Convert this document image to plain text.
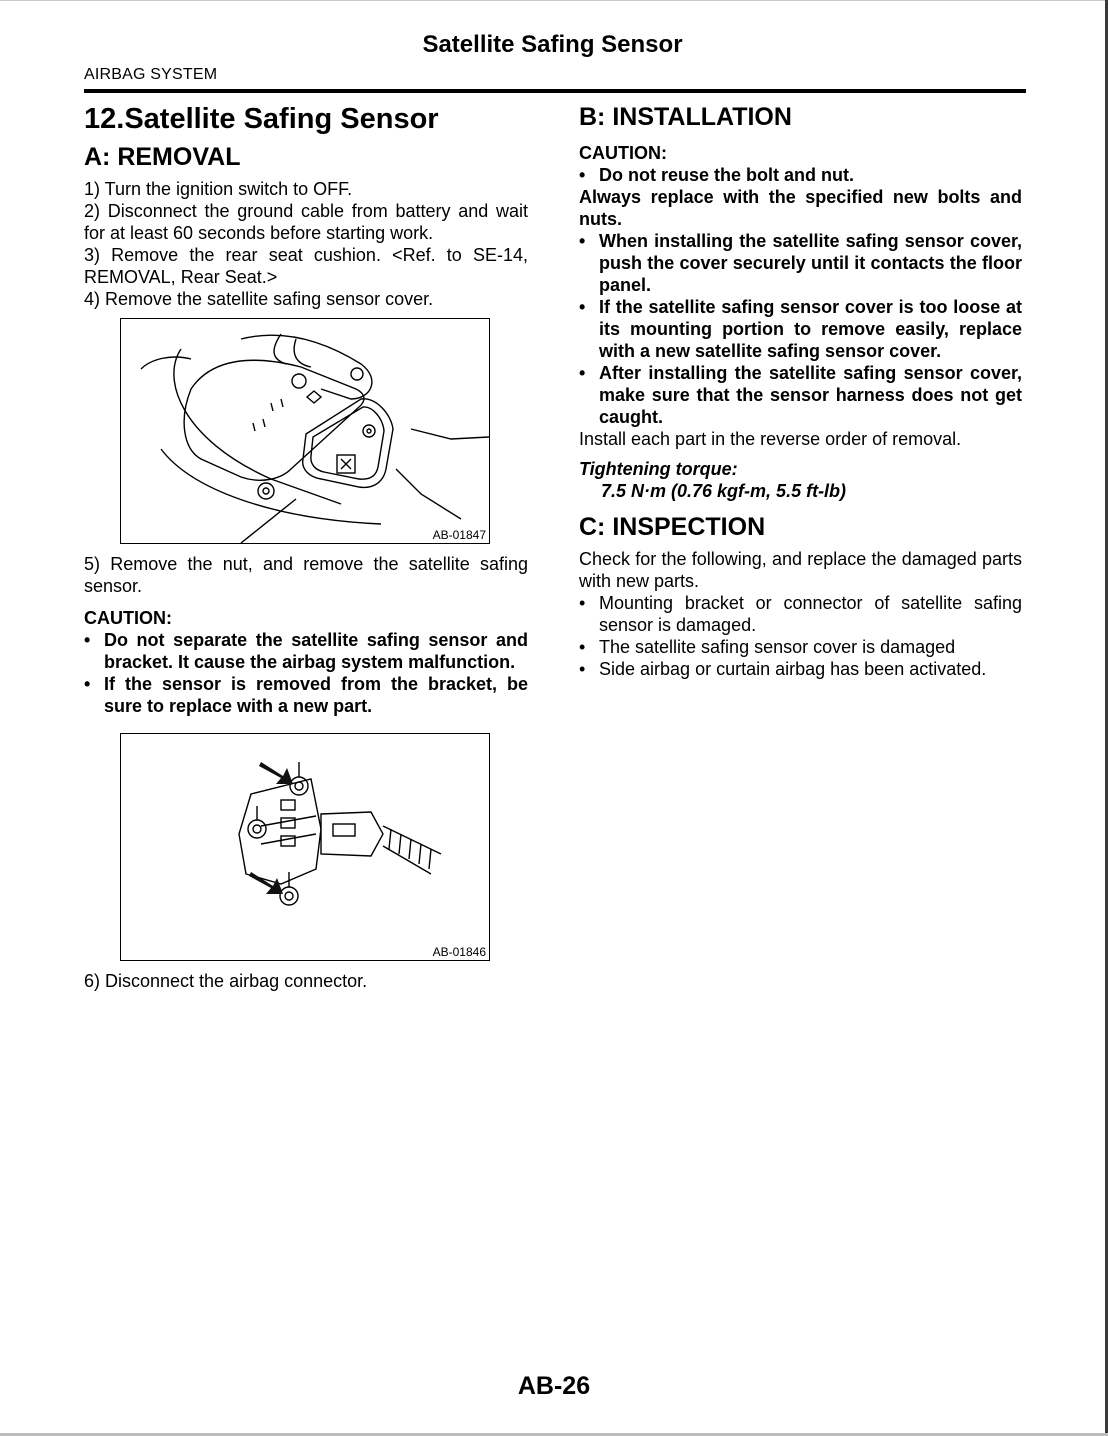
Satellite Safing Sensor
AIRBAG SYSTEM
12.Satellite Safing Sensor
A: REMOVAL

1) Turn the ignition switch to OFF.

2) Disconnect the ground cable from battery and wait for at least 60 seconds before starting work.

3) Remove the rear seat cushion. <Ref. to SE-14, REMOVAL, Rear Seat.>

4) Remove the satellite safing sensor cover.

AB-01847

5) Remove the nut, and remove the satellite safing sensor.

CAUTION:

• Do not separate the satellite safing sensor and bracket. It cause the airbag system malfunction.
• If the sensor is removed from the bracket, be sure to replace with a new part.
AB-01846

6) Disconnect the airbag connector.

B: INSTALLATION

CAUTION:

• Do not reuse the bolt and nut.

Always replace with the specified new bolts and nuts.

• When installing the satellite safing sensor cover, push the cover securely until it contacts the floor panel.
• If the satellite safing sensor cover is too loose at its mounting portion to remove easily, replace with a new satellite safing sensor cover.
• After installing the satellite safing sensor cover, make sure that the sensor harness does not get caught.

Install each part in the reverse order of removal.

Tightening torque:

7.5 N·m (0.76 kgf-m, 5.5 ft-lb)

C: INSPECTION

Check for the following, and replace the damaged parts with new parts.

• Mounting bracket or connector of satellite safing sensor is damaged.
• The satellite safing sensor cover is damaged
• Side airbag or curtain airbag has been activated.
AB-26
